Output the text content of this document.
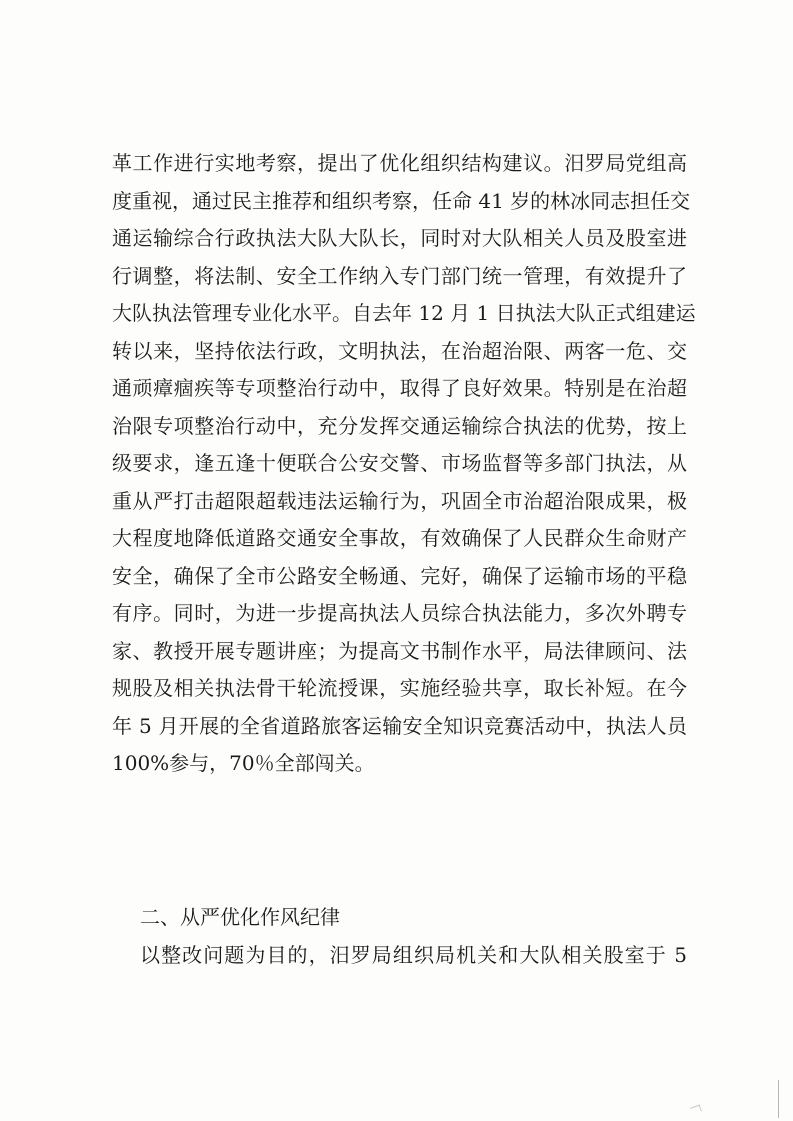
革工作进行实地考察，提出了优化组织结构建议。汨罗局党组高
度重视，通过民主推荐和组织考察，任命 41 岁的林冰同志担任交
通运输综合行政执法大队大队长，同时对大队相关人员及股室进
行调整，将法制、安全工作纳入专门部门统一管理，有效提升了
大队执法管理专业化水平。自去年 12 月 1 日执法大队正式组建运
转以来，坚持依法行政，文明执法，在治超治限、两客一危、交
通顽瘴痼疾等专项整治行动中，取得了良好效果。特别是在治超
治限专项整治行动中，充分发挥交通运输综合执法的优势，按上
级要求，逢五逢十便联合公安交警、市场监督等多部门执法，从
重从严打击超限超载违法运输行为，巩固全市治超治限成果，极
大程度地降低道路交通安全事故，有效确保了人民群众生命财产
安全，确保了全市公路安全畅通、完好，确保了运输市场的平稳
有序。同时，为进一步提高执法人员综合执法能力，多次外聘专
家、教授开展专题讲座；为提高文书制作水平，局法律顾问、法
规股及相关执法骨干轮流授课，实施经验共享，取长补短。在今
年 5 月开展的全省道路旅客运输安全知识竞赛活动中，执法人员
100%参与，70％全部闯关。
二、从严优化作风纪律
以整改问题为目的，汨罗局组织局机关和大队相关股室于 5
